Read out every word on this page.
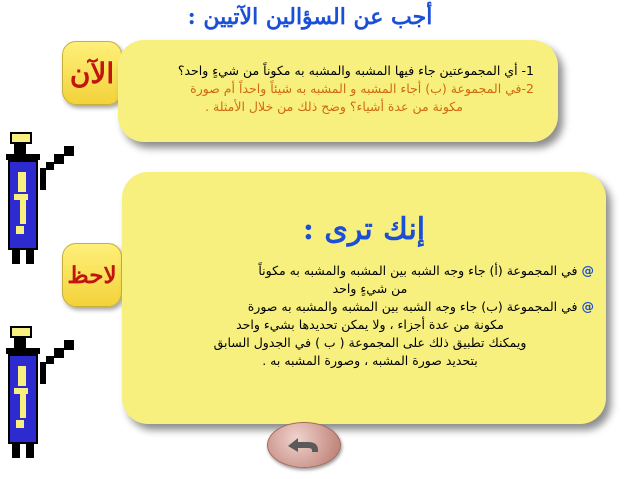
أجب عن السؤالين الآتيين :
الآن
لاحظ
1- أي المجموعتين جاء فيها المشبه والمشبه به مكوناً من شيءٍ واحد؟
2-في المجموعة (ب) أجاء المشبه و المشبه به شيئاً واحداً أم صورة
مكونة من عدة أشياء؟ وضح ذلك من خلال الأمثلة .
إنك ترى :
@ في المجموعة (أ) جاء وجه الشبه بين المشبه والمشبه به مكوناً
من شيءٍ واحد
@ في المجموعة (ب) جاء وجه الشبه بين المشبه والمشبه به صورة
مكونة من عدة أجزاء ، ولا يمكن تحديدها بشيء واحد
ويمكنك تطبيق ذلك على المجموعة ( ب ) في الجدول السابق
بتحديد صورة المشبه ، وصورة المشبه به .
